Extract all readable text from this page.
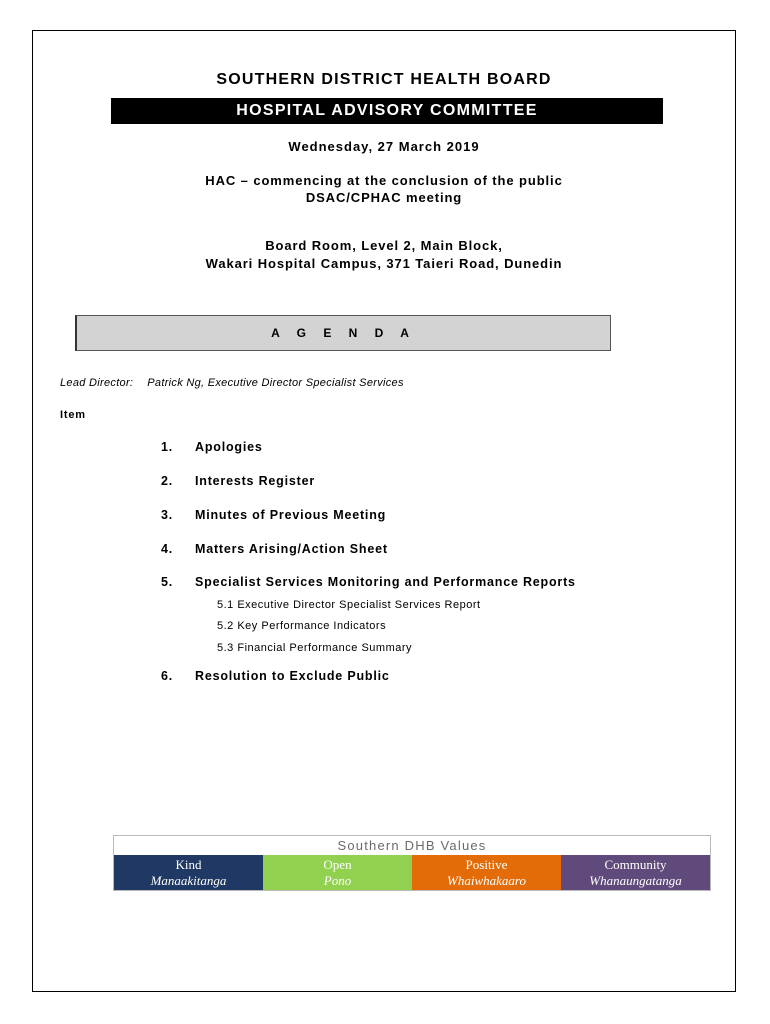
SOUTHERN DISTRICT HEALTH BOARD
HOSPITAL ADVISORY COMMITTEE
Wednesday, 27 March 2019
HAC – commencing at the conclusion of the public
DSAC/CPHAC meeting
Board Room, Level 2, Main Block,
Wakari Hospital Campus, 371 Taieri Road, Dunedin
A G E N D A
Lead Director: Patrick Ng, Executive Director Specialist Services
Item
1. Apologies
2. Interests Register
3. Minutes of Previous Meeting
4. Matters Arising/Action Sheet
5. Specialist Services Monitoring and Performance Reports
5.1 Executive Director Specialist Services Report
5.2 Key Performance Indicators
5.3 Financial Performance Summary
6. Resolution to Exclude Public
Southern DHB Values
Kind
Manaakitanga
Open
Pono
Positive
Whaiwhakaaro
Community
Whanaungatanga
